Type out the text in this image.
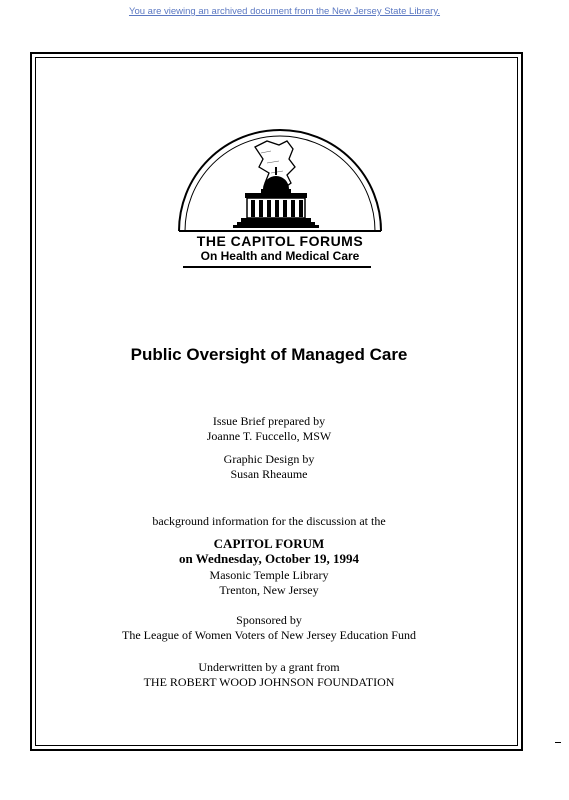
You are viewing an archived document from the New Jersey State Library.
THE CAPITOL FORUMS
On Health and Medical Care
Public Oversight of Managed Care
Issue Brief prepared by
Joanne T. Fuccello, MSW
Graphic Design by
Susan Rheaume
background information for the discussion at the
CAPITOL FORUM
on Wednesday, October 19, 1994
Masonic Temple Library
Trenton, New Jersey
Sponsored by
The League of Women Voters of New Jersey Education Fund
Underwritten by a grant from
THE ROBERT WOOD JOHNSON FOUNDATION
